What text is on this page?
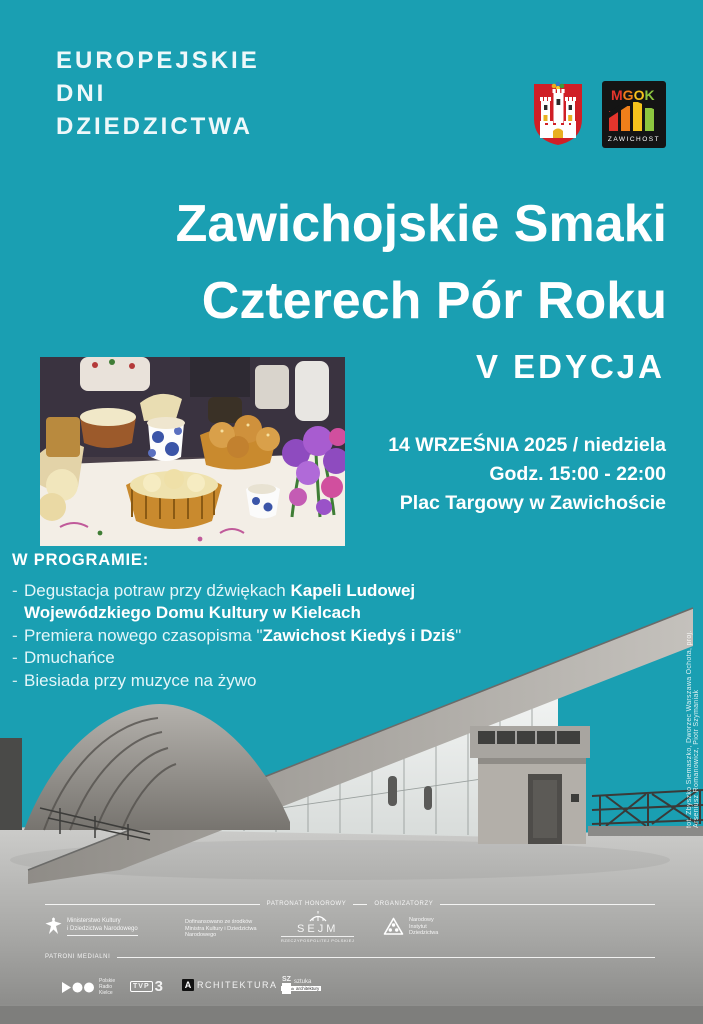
EUROPEJSKIE
DNI
DZIEDZICTWA
MGOK
ZAWICHOST
Zawichojskie Smaki
Czterech Pór Roku
V EDYCJA
14 WRZEŚNIA 2025 / niedziela
Godz. 15:00 - 22:00
Plac Targowy w Zawichoście
W PROGRAMIE:
- Degustacja potraw przy dźwiękach Kapeli Ludowej
Wojewódzkiego Domu Kultury w Kielcach
- Premiera nowego czasopisma "Zawichost Kiedyś i Dziś"
- Dmuchańce
- Biesiada przy muzyce na żywo	fot. Zbyszko Siemaszko, Dworzec Warszawa Ochota, proj. Arseniusz Romanowicz, Piotr Szymaniak
PATRONAT HONOROWY	ORGANIZATORZY
Ministerstwo Kultury
i Dziedzictwa Narodowego
Dofinansowano ze środków
Ministra Kultury i Dziedzictwa
Narodowego	SEJM
RZECZYPOSPOLITEJ POLSKIEJ
Narodowy
Instytut
Dziedzictwa
PATRONI MEDIALNI
Polskie
Radio
Kielce
TVP 3	A RCHITEKTURA
SZ sztuka
architektury
